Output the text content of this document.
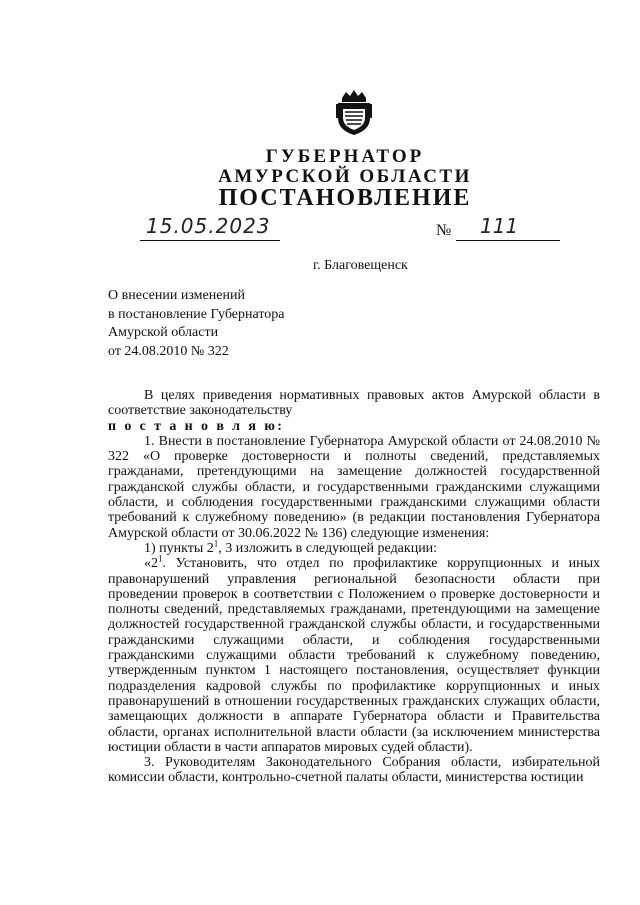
ГУБЕРНАТОР
АМУРСКОЙ ОБЛАСТИ
ПОСТАНОВЛЕНИЕ
15.05.2023	№ 111
г. Благовещенск
О внесении изменений
в постановление Губернатора
Амурской области
от 24.08.2010 № 322

В целях приведения нормативных правовых актов Амурской области в соответствие законодательству

п о с т а н о в л я ю:

1. Внести в постановление Губернатора Амурской области от 24.08.2010 № 322 «О проверке достоверности и полноты сведений, представляемых гражданами, претендующими на замещение должностей государственной гражданской службы области, и государственными гражданскими служащими области, и соблюдения государственными гражданскими служащими области требований к служебному поведению» (в редакции постановления Губернатора Амурской области от 30.06.2022 № 136) следующие изменения:

1) пункты $2^1$, 3 изложить в следующей редакции:

«$2^1$. Установить, что отдел по профилактике коррупционных и иных правонарушений управления региональной безопасности области при проведении проверок в соответствии с Положением о проверке достоверности и полноты сведений, представляемых гражданами, претендующими на замещение должностей государственной гражданской службы области, и государственными гражданскими служащими области, и соблюдения государственными гражданскими служащими области требований к служебному поведению, утвержденным пунктом 1 настоящего постановления, осуществляет функции подразделения кадровой службы по профилактике коррупционных и иных правонарушений в отношении государственных гражданских служащих области, замещающих должности в аппарате Губернатора области и Правительства области, органах исполнительной власти области (за исключением министерства юстиции области в части аппаратов мировых судей области).

3. Руководителям Законодательного Собрания области, избирательной комиссии области, контрольно-счетной палаты области, министерства юстиции
